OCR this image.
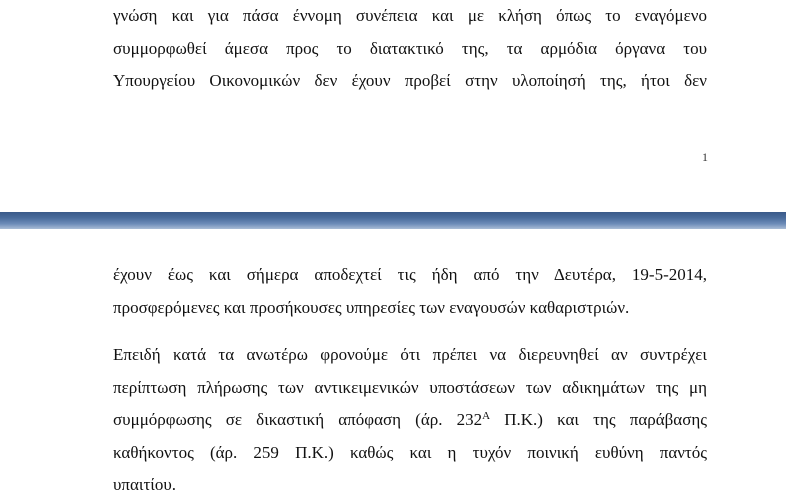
γνώση και για πάσα έννομη συνέπεια και με κλήση όπως το εναγόμενο
συμμορφωθεί άμεσα προς το διατακτικό της, τα αρμόδια όργανα του
Υπουργείου Οικονομικών δεν έχουν προβεί στην υλοποίησή της, ήτοι δεν
1
έχουν έως και σήμερα αποδεχτεί τις ήδη από την Δευτέρα, 19-5-2014,
προσφερόμενες και προσήκουσες υπηρεσίες των εναγουσών καθαριστριών.
Επειδή κατά τα ανωτέρω φρονούμε ότι πρέπει να διερευνηθεί αν συντρέχει
περίπτωση πλήρωσης των αντικειμενικών υποστάσεων των αδικημάτων της μη
συμμόρφωσης σε δικαστική απόφαση (άρ. $232^A$ Π.Κ.) και της παράβασης
καθήκοντος (άρ. 259 Π.Κ.) καθώς και η τυχόν ποινική ευθύνη παντός
υπαιτίου.
